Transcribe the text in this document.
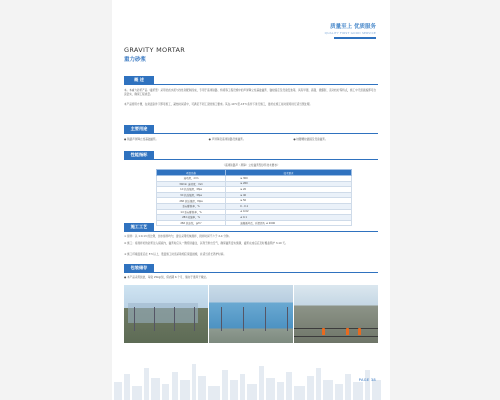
质量至上 优质服务
QUALITY FIRST GOOD SERVICE
GRAVITY MORTAR
重力砂浆
概 述
本。本重力砂浆产品（灌浆型）采用优质水泥与改性剂配制而成，专用于高速铁路、桥梁等工程设施中的声屏障立柱基础灌浆、锚栓固定及设备安装等，具有早强、高强、微膨胀、流动性好等特点，施工中无需振捣即可自流密实，确保工程质量。
本产品使用方便，在常温条件下即可施工，凝结时间适中，可满足不同工况的施工要求。其在-10℃至-15℃条件下进行施工，最好在施工前对现场进行适当预处理。
主要用途
● 铁路声屏障立柱基础灌浆。	● 声屏障及高速铁路设施灌浆。	● 地脚螺栓锚固及设备灌浆。
性能指标
《高速铁路声（屏障）立柱灌浆型砂浆技术要求》
项目名称	技术要求
流动度，mm	≥ 300
30min 流动度，mm	≥ 260
1d 抗压强度，Mpa	≥ 20
3d 抗压强度，Mpa	≥ 40
28d 抗压强度，Mpa	≥ 50
竖向膨胀率，%	0 - 0.1
1d 竖向膨胀率，%	≤ 0.02
28d 收缩率，%	≤ 0.1
28d 抗冻性，g/m²	冻融循环后，质量损失 ≤ 2000
施工工艺
① 搅拌：以 1:0.13 的比例，加水搅拌均匀，建议采用机械搅拌，搅拌时间不少于 2-4 分钟。
② 施工：将搅拌好的砂浆注入模板内，灌浆时应从一侧连续灌注，以利于排出空气，确保灌浆密实饱满，灌浆完成后应及时覆盖养护 3-10 天。
③ 施工环境温度应在 5℃以上，低温施工时需采取相应保温措施，并适当延长养护时间。
包装储存
● 本产品采用袋装，每袋 25kg/袋，保质期 6 个月，储存于通风干燥处。
PAGE 38
